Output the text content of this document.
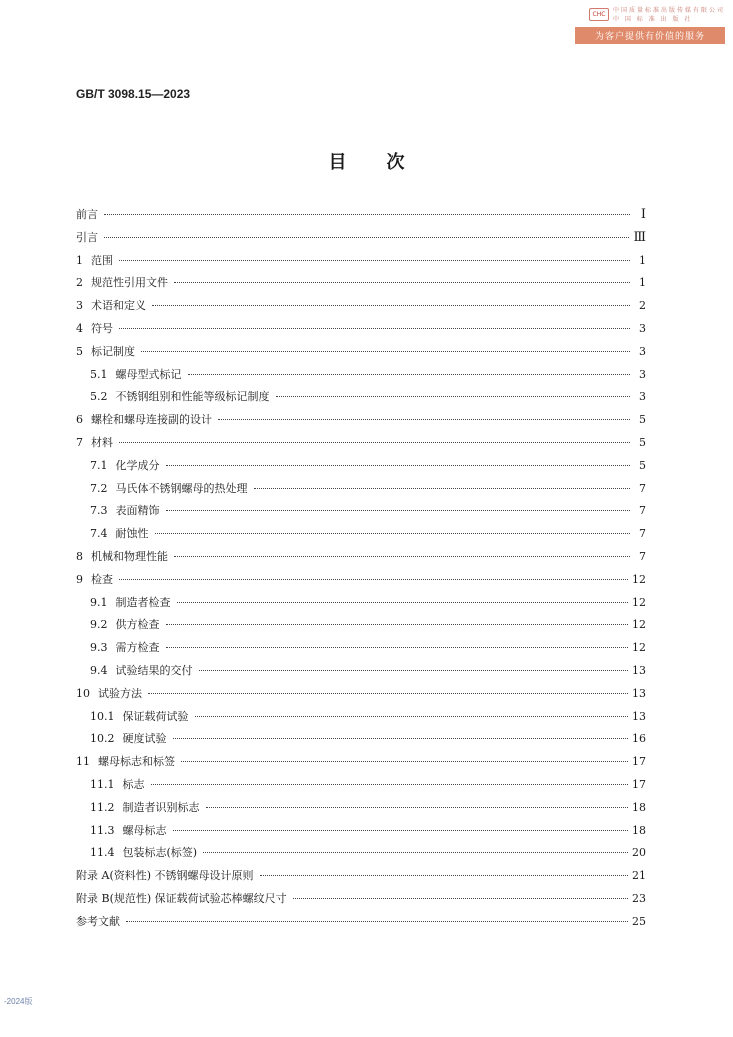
CHC
中国质量标准出版传媒有限公司
中 国 标 准 出 版 社
为客户提供有价值的服务
GB/T 3098.15—2023
目次
前言	Ⅰ
引言	Ⅲ
1 范围	1
2 规范性引用文件	1
3 术语和定义	2
4 符号	3
5 标记制度	3
5.1 螺母型式标记	3
5.2 不锈钢组别和性能等级标记制度	3
6 螺栓和螺母连接副的设计	5
7 材料	5
7.1 化学成分	5
7.2 马氏体不锈钢螺母的热处理	7
7.3 表面精饰	7
7.4 耐蚀性	7
8 机械和物理性能	7
9 检查	12
9.1 制造者检查	12
9.2 供方检查	12
9.3 需方检查	12
9.4 试验结果的交付	13
10 试验方法	13
10.1 保证载荷试验	13
10.2 硬度试验	16
11 螺母标志和标签	17
11.1 标志	17
11.2 制造者识别标志	18
11.3 螺母标志	18
11.4 包装标志(标签)	20
附录 A(资料性) 不锈钢螺母设计原则	21
附录 B(规范性) 保证载荷试验芯棒螺纹尺寸	23
参考文献	25
-2024版
